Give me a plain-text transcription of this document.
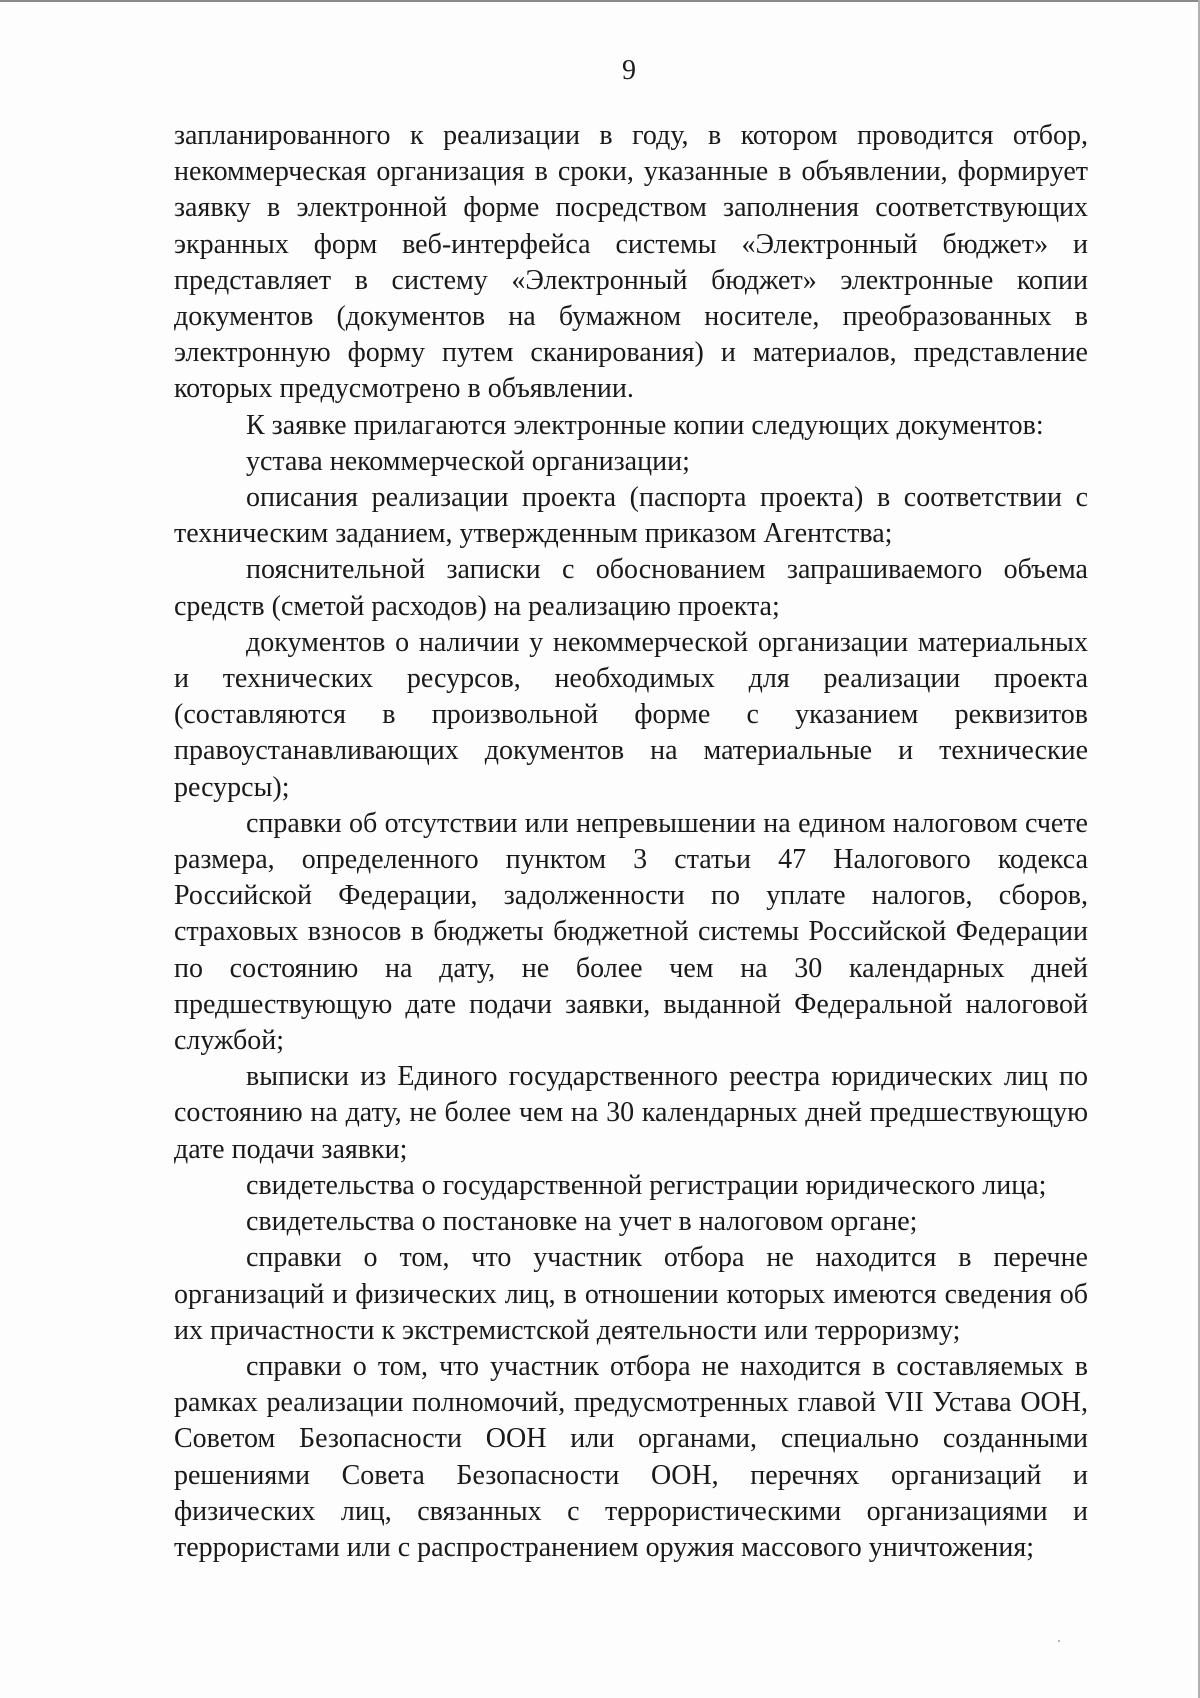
9

запланированного к реализации в году, в котором проводится отбор, некоммерческая организация в сроки, указанные в объявлении, формирует заявку в электронной форме посредством заполнения соответствующих экранных форм веб-интерфейса системы «Электронный бюджет» и представляет в систему «Электронный бюджет» электронные копии документов (документов на бумажном носителе, преобразованных в электронную форму путем сканирования) и материалов, представление которых предусмотрено в объявлении.

К заявке прилагаются электронные копии следующих документов:

устава некоммерческой организации;

описания реализации проекта (паспорта проекта) в соответствии с техническим заданием, утвержденным приказом Агентства;

пояснительной записки с обоснованием запрашиваемого объема средств (сметой расходов) на реализацию проекта;

документов о наличии у некоммерческой организации материальных и технических ресурсов, необходимых для реализации проекта (составляются в произвольной форме с указанием реквизитов правоустанавливающих документов на материальные и технические ресурсы);

справки об отсутствии или непревышении на едином налоговом счете размера, определенного пунктом 3 статьи 47 Налогового кодекса Российской Федерации, задолженности по уплате налогов, сборов, страховых взносов в бюджеты бюджетной системы Российской Федерации по состоянию на дату, не более чем на 30 календарных дней предшествующую дате подачи заявки, выданной Федеральной налоговой службой;

выписки из Единого государственного реестра юридических лиц по состоянию на дату, не более чем на 30 календарных дней предшествующую дате подачи заявки;

свидетельства о государственной регистрации юридического лица;

свидетельства о постановке на учет в налоговом органе;

справки о том, что участник отбора не находится в перечне организаций и физических лиц, в отношении которых имеются сведения об их причастности к экстремистской деятельности или терроризму;

справки о том, что участник отбора не находится в составляемых в рамках реализации полномочий, предусмотренных главой VII Устава ООН, Советом Безопасности ООН или органами, специально созданными решениями Совета Безопасности ООН, перечнях организаций и физических лиц, связанных с террористическими организациями и террористами или с распространением оружия массового уничтожения;
